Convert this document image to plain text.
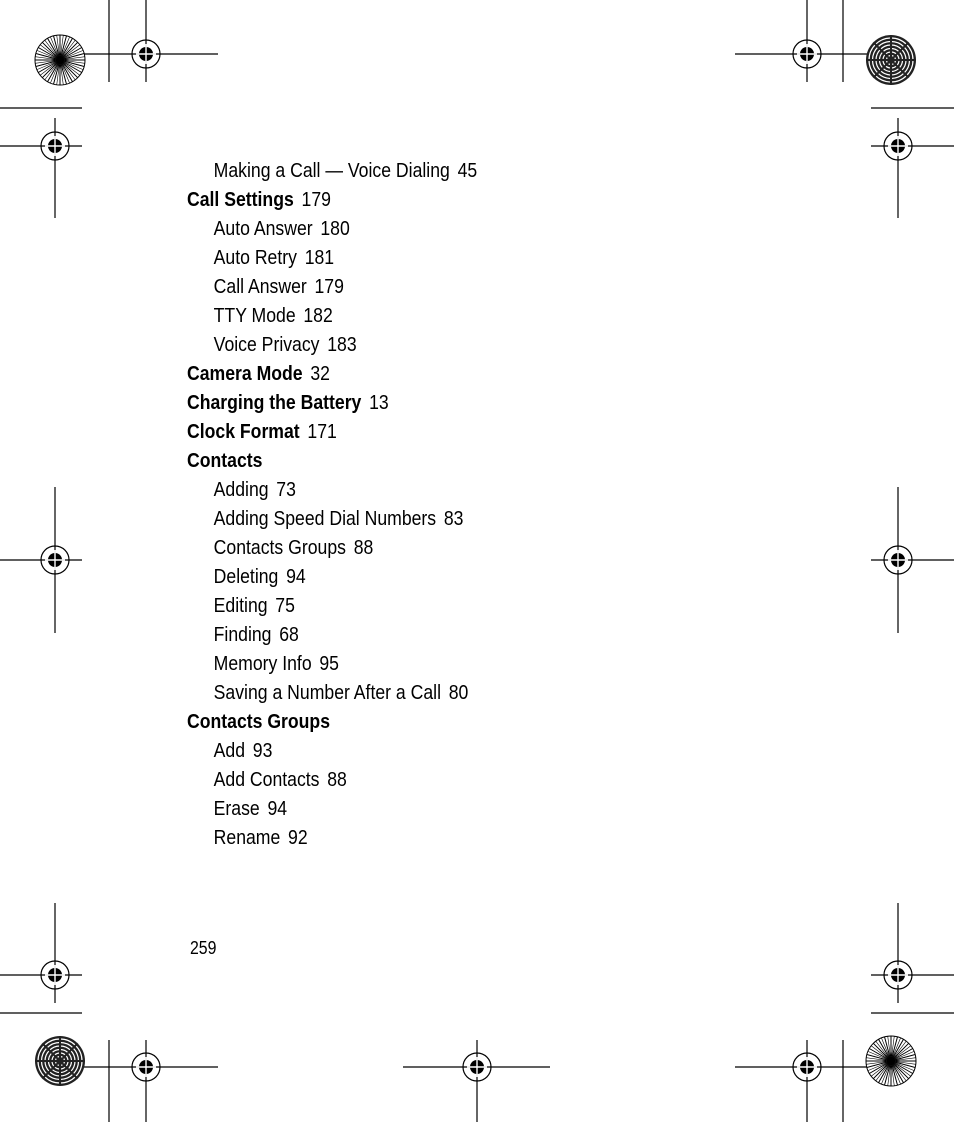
Making a Call — Voice Dialing 45
Call Settings 179
Auto Answer 180
Auto Retry 181
Call Answer 179
TTY Mode 182
Voice Privacy 183
Camera Mode 32
Charging the Battery 13
Clock Format 171
Contacts
Adding 73
Adding Speed Dial Numbers 83
Contacts Groups 88
Deleting 94
Editing 75
Finding 68
Memory Info 95
Saving a Number After a Call 80
Contacts Groups
Add 93
Add Contacts 88
Erase 94
Rename 92
259
